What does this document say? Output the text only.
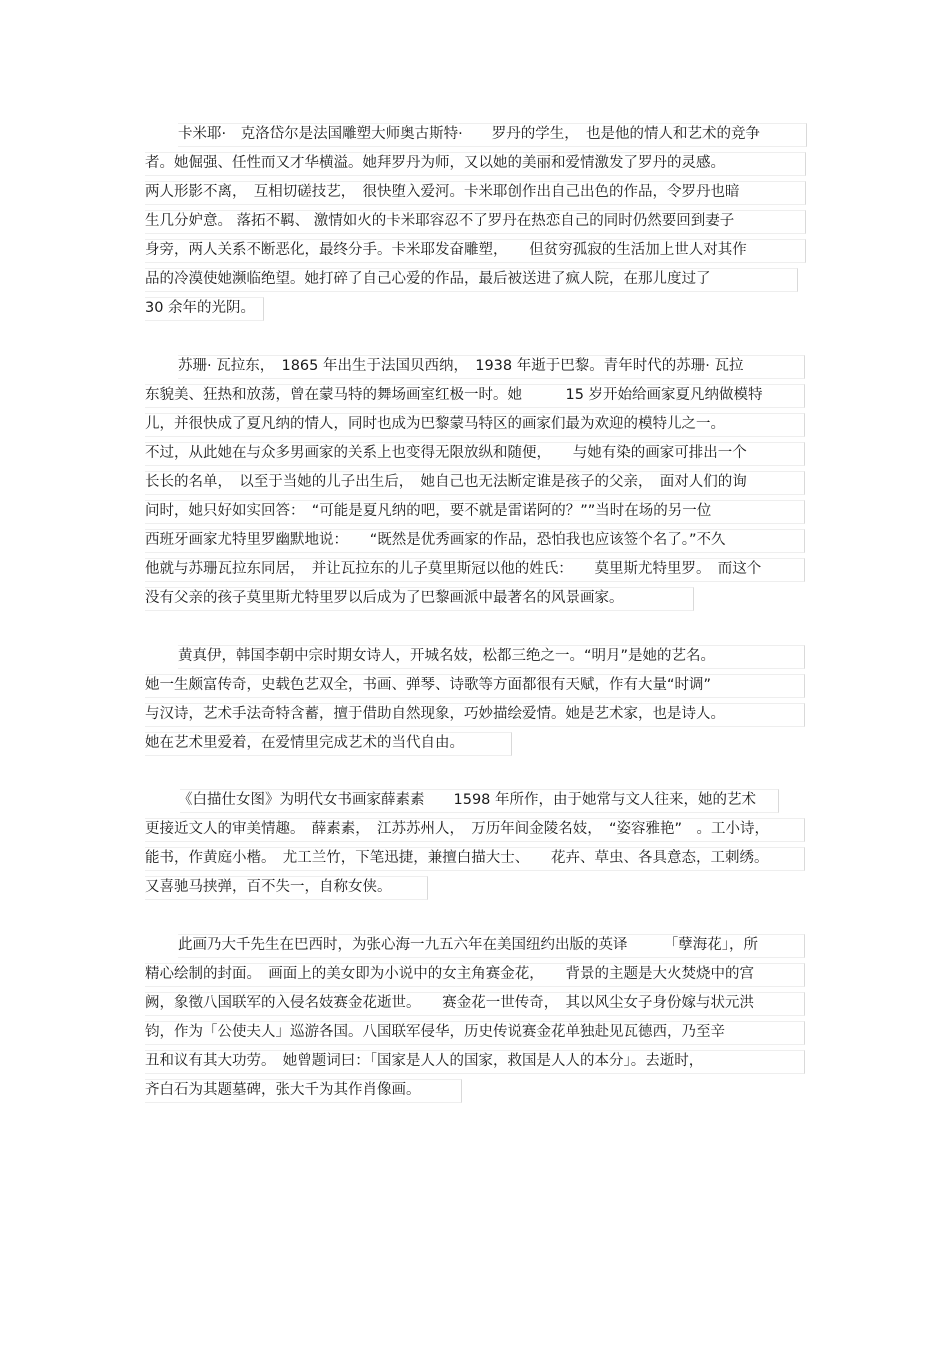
卡米耶·　克洛岱尔是法国雕塑大师奥古斯特·　　罗丹的学生，　也是他的情人和艺术的竞争
者。她倔强、任性而又才华横溢。她拜罗丹为师，又以她的美丽和爱情激发了罗丹的灵感。
两人形影不离，　互相切磋技艺，　很快堕入爱河。卡米耶创作出自己出色的作品，令罗丹也暗
生几分妒意。 落拓不羁、 激情如火的卡米耶容忍不了罗丹在热恋自己的同时仍然要回到妻子
身旁，两人关系不断恶化，最终分手。卡米耶发奋雕塑，　　但贫穷孤寂的生活加上世人对其作
品的冷漠使她濒临绝望。她打碎了自己心爱的作品，最后被送进了疯人院，在那儿度过了
30 余年的光阴。
苏珊· 瓦拉东，　1865 年出生于法国贝西纳，　1938 年逝于巴黎。青年时代的苏珊· 瓦拉
东貌美、狂热和放荡，曾在蒙马特的舞场画室红极一时。她　　　15 岁开始给画家夏凡纳做模特
儿，并很快成了夏凡纳的情人，同时也成为巴黎蒙马特区的画家们最为欢迎的模特儿之一。
不过，从此她在与众多男画家的关系上也变得无限放纵和随便，　　与她有染的画家可排出一个
长长的名单，　以至于当她的儿子出生后，　她自己也无法断定谁是孩子的父亲，　面对人们的询
问时，她只好如实回答：　“可能是夏凡纳的吧，要不就是雷诺阿的？””当时在场的另一位
西班牙画家尤特里罗幽默地说：　　“既然是优秀画家的作品，恐怕我也应该签个名了。”不久
他就与苏珊瓦拉东同居，　并让瓦拉东的儿子莫里斯冠以他的姓氏：　　莫里斯尤特里罗。　而这个
没有父亲的孩子莫里斯尤特里罗以后成为了巴黎画派中最著名的风景画家。
黄真伊，韩国李朝中宗时期女诗人，开城名妓，松都三绝之一。“明月”是她的艺名。
她一生颇富传奇，史载色艺双全，书画、弹琴、诗歌等方面都很有天赋，作有大量“时调”
与汉诗，艺术手法奇特含蓄，擅于借助自然现象，巧妙描绘爱情。她是艺术家，也是诗人。
她在艺术里爱着，在爱情里完成艺术的当代自由。
《白描仕女图》为明代女书画家薛素素　　1598 年所作，由于她常与文人往来，她的艺术
更接近文人的审美情趣。　薛素素，　江苏苏州人，　万历年间金陵名妓，　“姿容雅艳”　。工小诗，
能书，作黄庭小楷。　尤工兰竹，下笔迅捷，兼擅白描大士、　　花卉、草虫、各具意态，工刺绣。
又喜驰马挟弹，百不失一，自称女侠。
此画乃大千先生在巴西时，为张心海一九五六年在美国纽约出版的英译　　　「孽海花」，所
精心绘制的封面。　画面上的美女即为小说中的女主角赛金花，　　背景的主题是大火焚烧中的宫
阙，象徵八国联军的入侵名妓赛金花逝世。　　赛金花一世传奇，　其以风尘女子身份嫁与状元洪
钧，作为「公使夫人」巡游各国。八国联军侵华，历史传说赛金花单独赴见瓦德西，乃至辛
丑和议有其大功劳。　她曾题词曰：「国家是人人的国家，救国是人人的本分」。去逝时，
齐白石为其题墓碑，张大千为其作肖像画。
